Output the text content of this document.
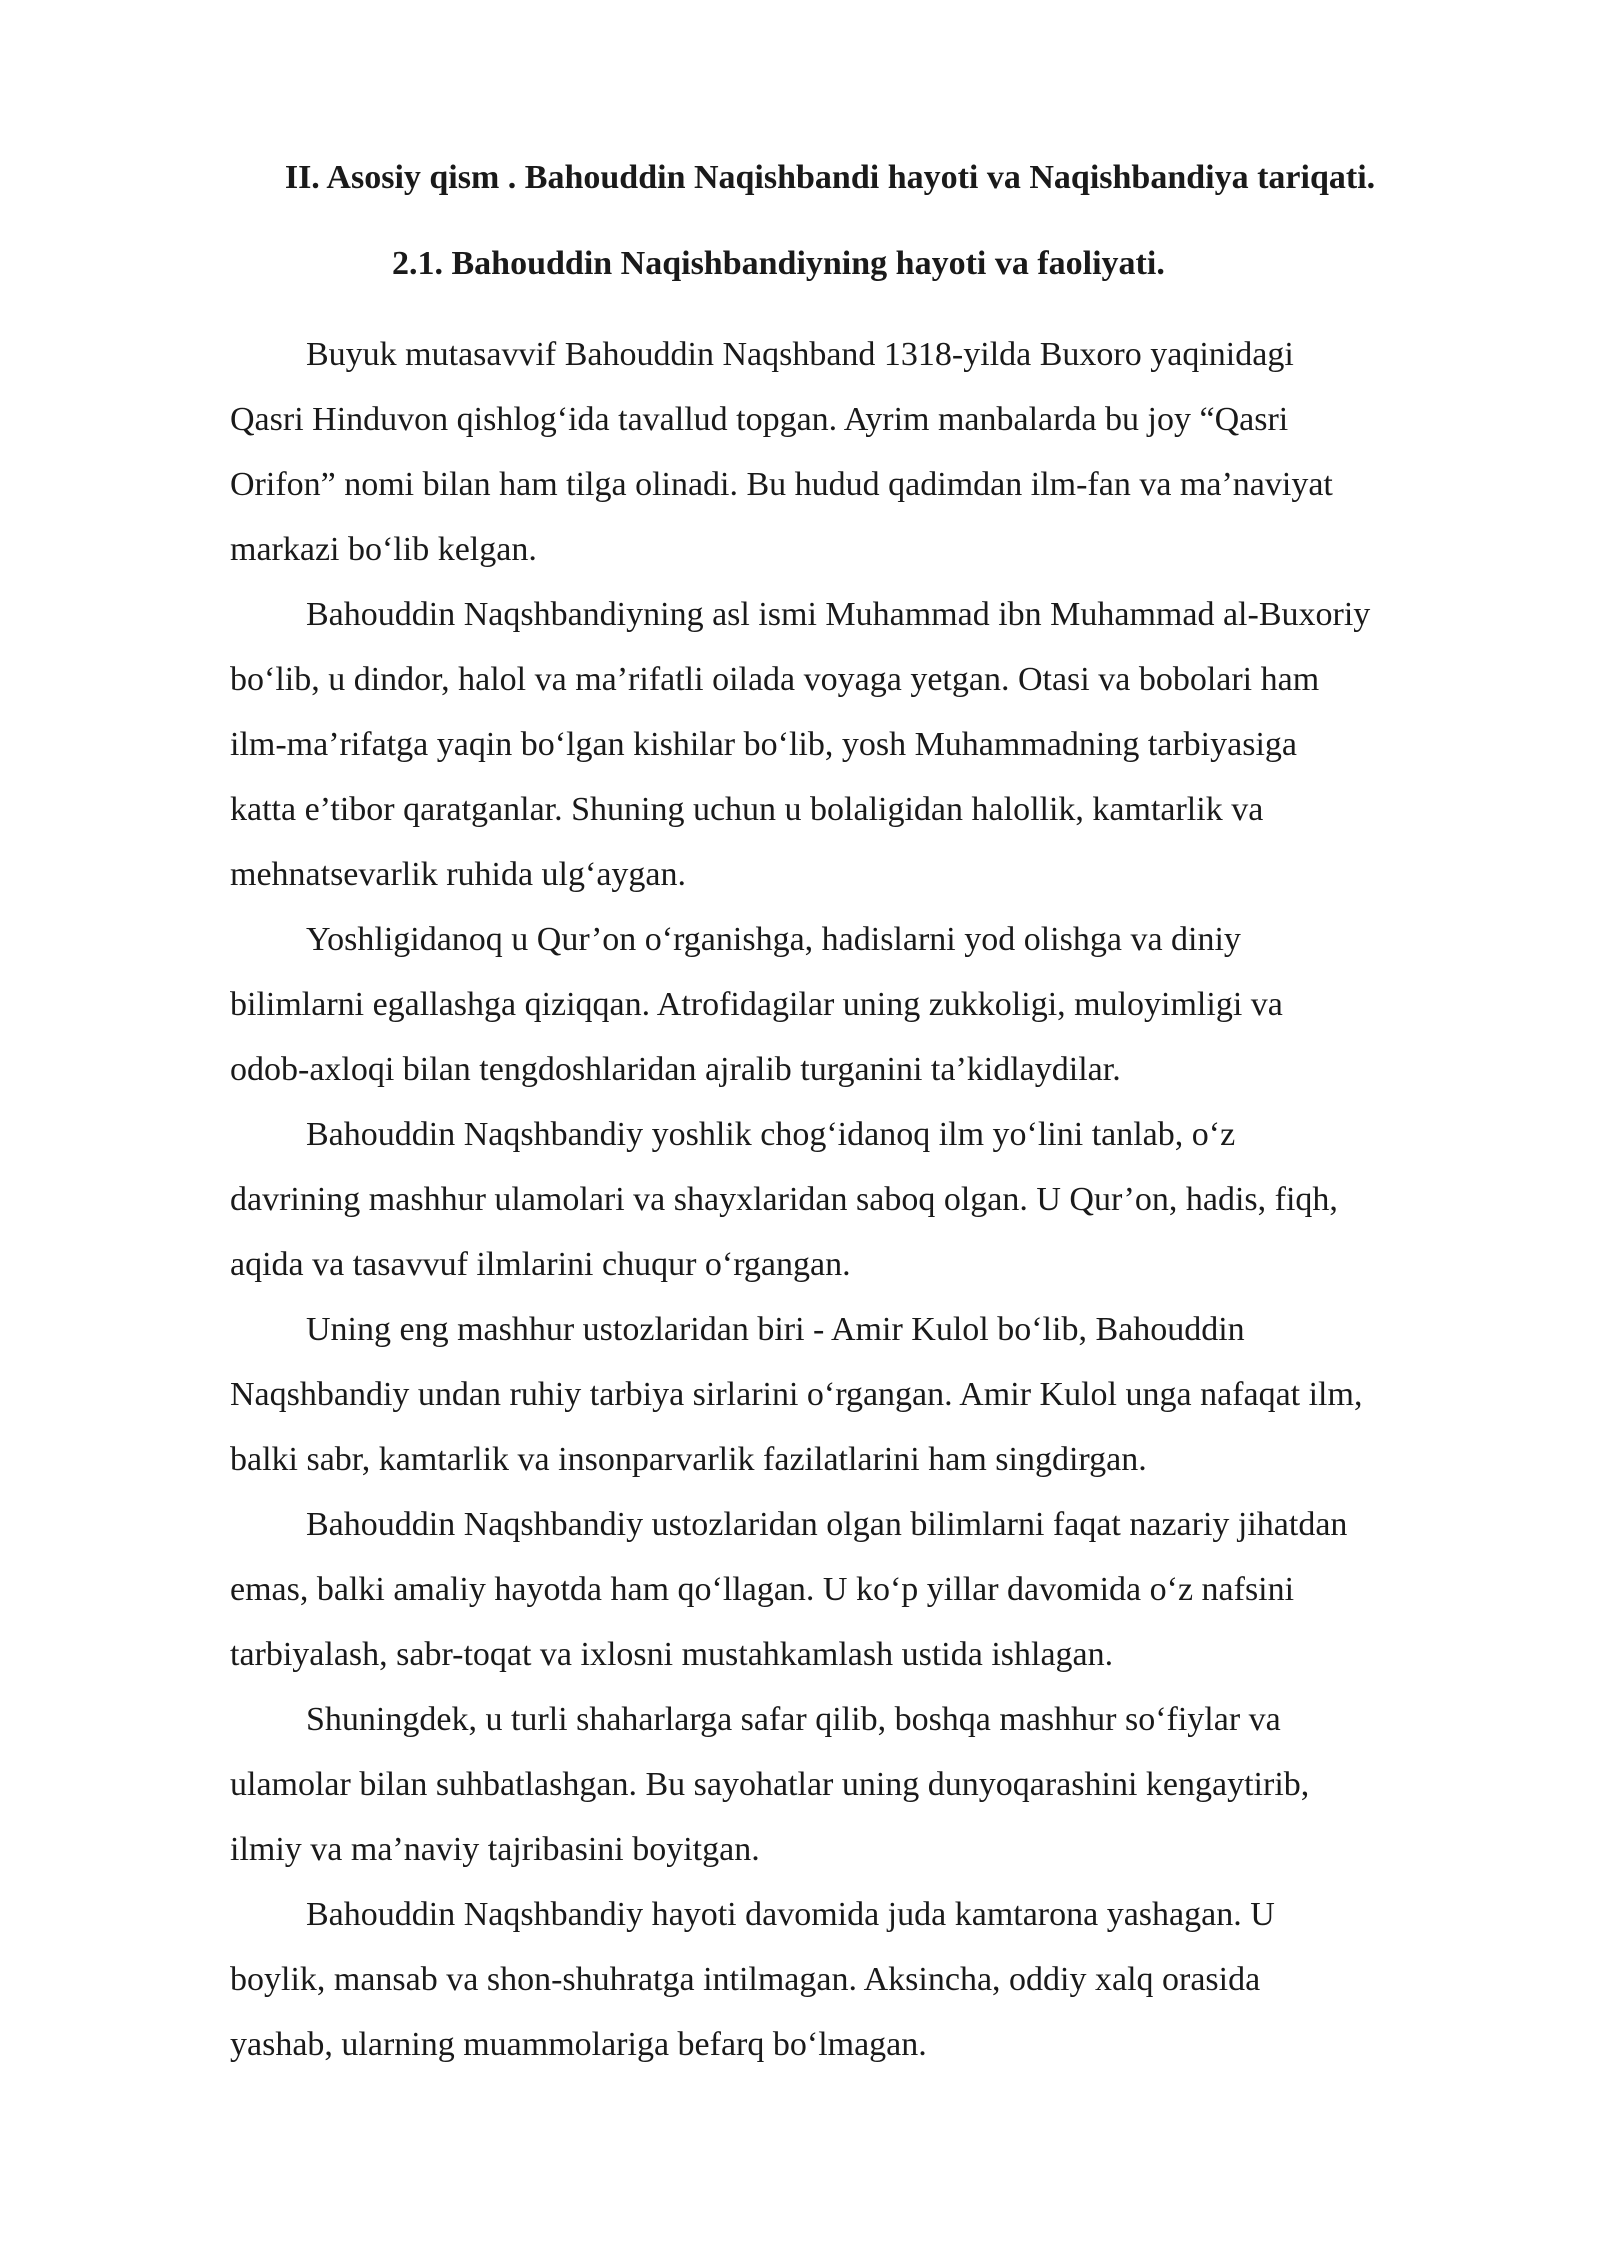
II. Asosiy qism . Bahouddin Naqishbandi hayoti va Naqishbandiya tariqati.
2.1. Bahouddin Naqishbandiyning hayoti va faoliyati.
Buyuk mutasavvif Bahouddin Naqshband 1318-yilda Buxoro yaqinidagi
Qasri Hinduvon qishlog‘ida tavallud topgan. Ayrim manbalarda bu joy “Qasri
Orifon” nomi bilan ham tilga olinadi. Bu hudud qadimdan ilm-fan va ma’naviyat
markazi bo‘lib kelgan.
Bahouddin Naqshbandiyning asl ismi Muhammad ibn Muhammad al-Buxoriy
bo‘lib, u dindor, halol va ma’rifatli oilada voyaga yetgan. Otasi va bobolari ham
ilm-ma’rifatga yaqin bo‘lgan kishilar bo‘lib, yosh Muhammadning tarbiyasiga
katta e’tibor qaratganlar. Shuning uchun u bolaligidan halollik, kamtarlik va
mehnatsevarlik ruhida ulg‘aygan.
Yoshligidanoq u Qur’on o‘rganishga, hadislarni yod olishga va diniy
bilimlarni egallashga qiziqqan. Atrofidagilar uning zukkoligi, muloyimligi va
odob-axloqi bilan tengdoshlaridan ajralib turganini ta’kidlaydilar.
Bahouddin Naqshbandiy yoshlik chog‘idanoq ilm yo‘lini tanlab, o‘z
davrining mashhur ulamolari va shayxlaridan saboq olgan. U Qur’on, hadis, fiqh,
aqida va tasavvuf ilmlarini chuqur o‘rgangan.
Uning eng mashhur ustozlaridan biri - Amir Kulol bo‘lib, Bahouddin
Naqshbandiy undan ruhiy tarbiya sirlarini o‘rgangan. Amir Kulol unga nafaqat ilm,
balki sabr, kamtarlik va insonparvarlik fazilatlarini ham singdirgan.
Bahouddin Naqshbandiy ustozlaridan olgan bilimlarni faqat nazariy jihatdan
emas, balki amaliy hayotda ham qo‘llagan. U ko‘p yillar davomida o‘z nafsini
tarbiyalash, sabr-toqat va ixlosni mustahkamlash ustida ishlagan.
Shuningdek, u turli shaharlarga safar qilib, boshqa mashhur so‘fiylar va
ulamolar bilan suhbatlashgan. Bu sayohatlar uning dunyoqarashini kengaytirib,
ilmiy va ma’naviy tajribasini boyitgan.
Bahouddin Naqshbandiy hayoti davomida juda kamtarona yashagan. U
boylik, mansab va shon-shuhratga intilmagan. Aksincha, oddiy xalq orasida
yashab, ularning muammolariga befarq bo‘lmagan.
